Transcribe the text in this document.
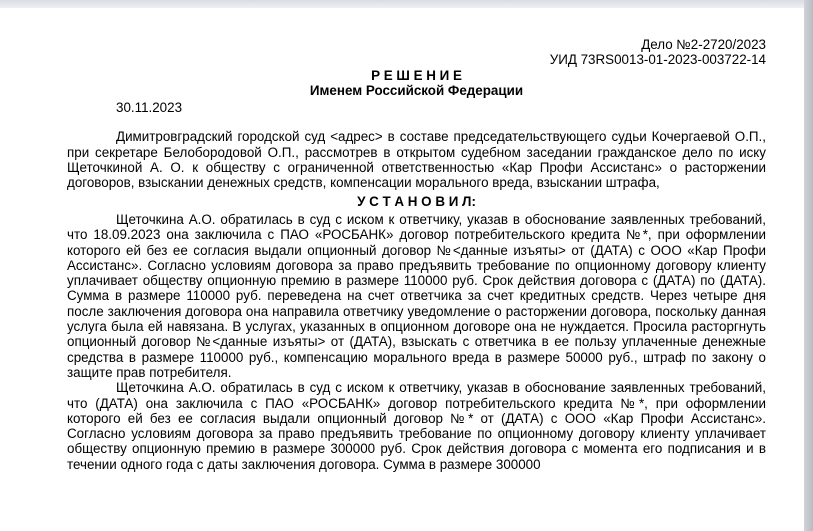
Дело №2-2720/2023
УИД 73RS0013-01-2023-003722-14
Р Е Ш Е Н И Е
Именем Российской Федерации
30.11.2023

Димитровградский городской суд <адрес> в составе председательствующего судьи Кочергаевой О.П., при секретаре Белобородовой О.П., рассмотрев в открытом судебном заседании гражданское дело по иску Щеточкиной А. О. к обществу с ограниченной ответственностью «Кар Профи Ассистанс» о расторжении договоров, взыскании денежных средств, компенсации морального вреда, взыскании штрафа,

У С Т А Н О В И Л:

Щеточкина А.О. обратилась в суд с иском к ответчику, указав в обоснование заявленных требований, что 18.09.2023 она заключила с ПАО «РОСБАНК» договор потребительского кредита №*, при оформлении которого ей без ее согласия выдали опционный договор №<данные изъяты> от (ДАТА) с ООО «Кар Профи Ассистанс». Согласно условиям договора за право предъявить требование по опционному договору клиенту уплачивает обществу опционную премию в размере 110000 руб. Срок действия договора с (ДАТА) по (ДАТА). Сумма в размере 110000 руб. переведена на счет ответчика за счет кредитных средств. Через четыре дня после заключения договора она направила ответчику уведомление о расторжении договора, поскольку данная услуга была ей навязана. В услугах, указанных в опционном договоре она не нуждается. Просила расторгнуть опционный договор №<данные изъяты> от (ДАТА), взыскать с ответчика в ее пользу уплаченные денежные средства в размере 110000 руб., компенсацию морального вреда в размере 50000 руб., штраф по закону о защите прав потребителя.

Щеточкина А.О. обратилась в суд с иском к ответчику, указав в обоснование заявленных требований, что (ДАТА) она заключила с ПАО «РОСБАНК» договор потребительского кредита №*, при оформлении которого ей без ее согласия выдали опционный договор №* от (ДАТА) с ООО «Кар Профи Ассистанс». Согласно условиям договора за право предъявить требование по опционному договору клиенту уплачивает обществу опционную премию в размере 300000 руб. Срок действия договора с момента его подписания и в течении одного года с даты заключения договора. Сумма в размере 300000
